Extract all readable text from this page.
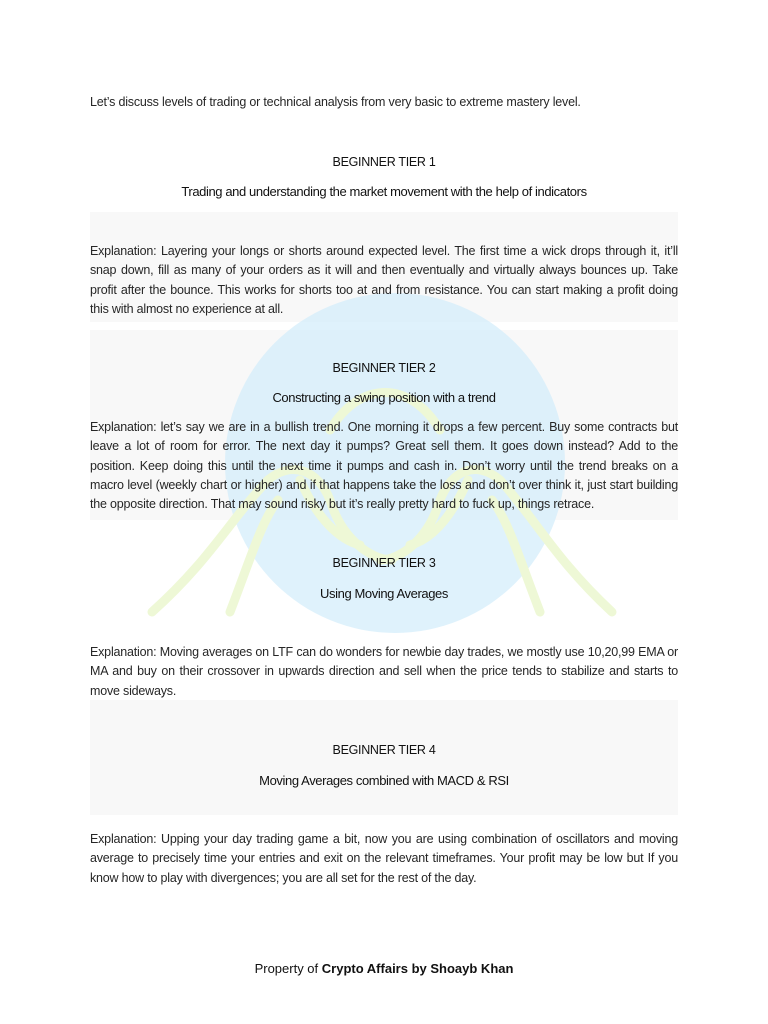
Let’s discuss levels of trading or technical analysis from very basic to extreme mastery level.

BEGINNER TIER 1

Trading and understanding the market movement with the help of indicators

Explanation: Layering your longs or shorts around expected level. The first time a wick drops through it, it’ll snap down, fill as many of your orders as it will and then eventually and virtually always bounces up. Take profit after the bounce. This works for shorts too at and from resistance. You can start making a profit doing this with almost no experience at all.

BEGINNER TIER 2

Constructing a swing position with a trend

Explanation: let’s say we are in a bullish trend. One morning it drops a few percent. Buy some contracts but leave a lot of room for error. The next day it pumps? Great sell them. It goes down instead? Add to the position. Keep doing this until the next time it pumps and cash in. Don’t worry until the trend breaks on a macro level (weekly chart or higher) and if that happens take the loss and don’t over think it, just start building the opposite direction. That may sound risky but it’s really pretty hard to fuck up, things retrace.

BEGINNER TIER 3

Using Moving Averages

Explanation: Moving averages on LTF can do wonders for newbie day trades, we mostly use 10,20,99 EMA or MA and buy on their crossover in upwards direction and sell when the price tends to stabilize and starts to move sideways.

BEGINNER TIER 4

Moving Averages combined with MACD & RSI

Explanation: Upping your day trading game a bit, now you are using combination of oscillators and moving average to precisely time your entries and exit on the relevant timeframes. Your profit may be low but If you know how to play with divergences; you are all set for the rest of the day.

Property of Crypto Affairs by Shoayb Khan
